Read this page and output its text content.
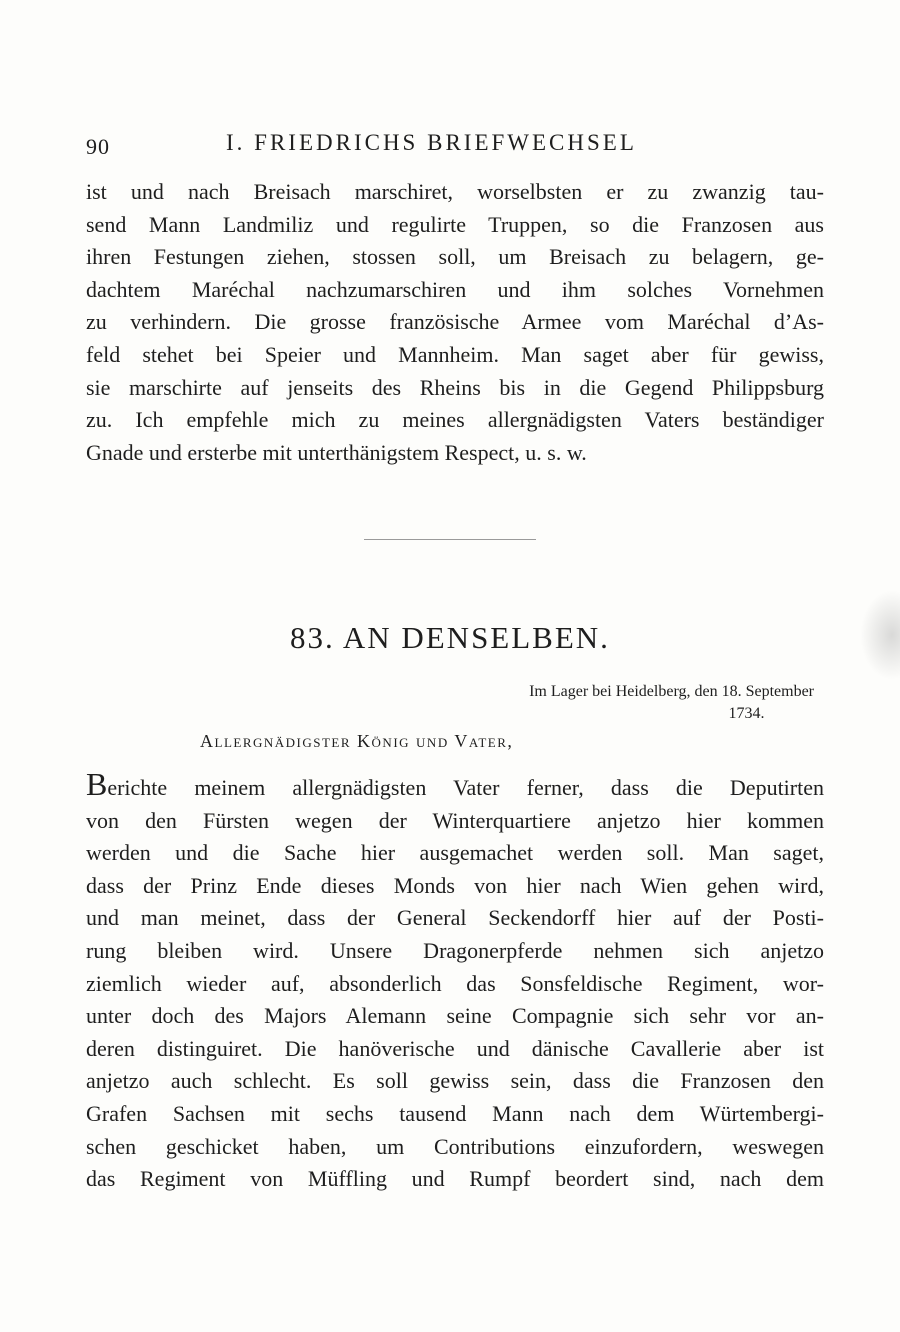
90	I. FRIEDRICHS BRIEFWECHSEL
ist und nach Breisach marschiret, worselbsten er zu zwanzig tau-
send Mann Landmiliz und regulirte Truppen, so die Franzosen aus
ihren Festungen ziehen, stossen soll, um Breisach zu belagern, ge-
dachtem Maréchal nachzumarschiren und ihm solches Vornehmen
zu verhindern. Die grosse französische Armee vom Maréchal d’As-
feld stehet bei Speier und Mannheim. Man saget aber für gewiss,
sie marschirte auf jenseits des Rheins bis in die Gegend Philippsburg
zu. Ich empfehle mich zu meines allergnädigsten Vaters beständiger
Gnade und ersterbe mit unterthänigstem Respect, u. s. w.
83. AN DENSELBEN.
Im Lager bei Heidelberg, den 18. September
1734.
Allergnädigster König und Vater,
Berichte meinem allergnädigsten Vater ferner, dass die Deputirten
von den Fürsten wegen der Winterquartiere anjetzo hier kommen
werden und die Sache hier ausgemachet werden soll. Man saget,
dass der Prinz Ende dieses Monds von hier nach Wien gehen wird,
und man meinet, dass der General Seckendorff hier auf der Posti-
rung bleiben wird. Unsere Dragonerpferde nehmen sich anjetzo
ziemlich wieder auf, absonderlich das Sonsfeldische Regiment, wor-
unter doch des Majors Alemann seine Compagnie sich sehr vor an-
deren distinguiret. Die hanöverische und dänische Cavallerie aber ist
anjetzo auch schlecht. Es soll gewiss sein, dass die Franzosen den
Grafen Sachsen mit sechs tausend Mann nach dem Würtembergi-
schen geschicket haben, um Contributions einzufordern, weswegen
das Regiment von Müffling und Rumpf beordert sind, nach dem
